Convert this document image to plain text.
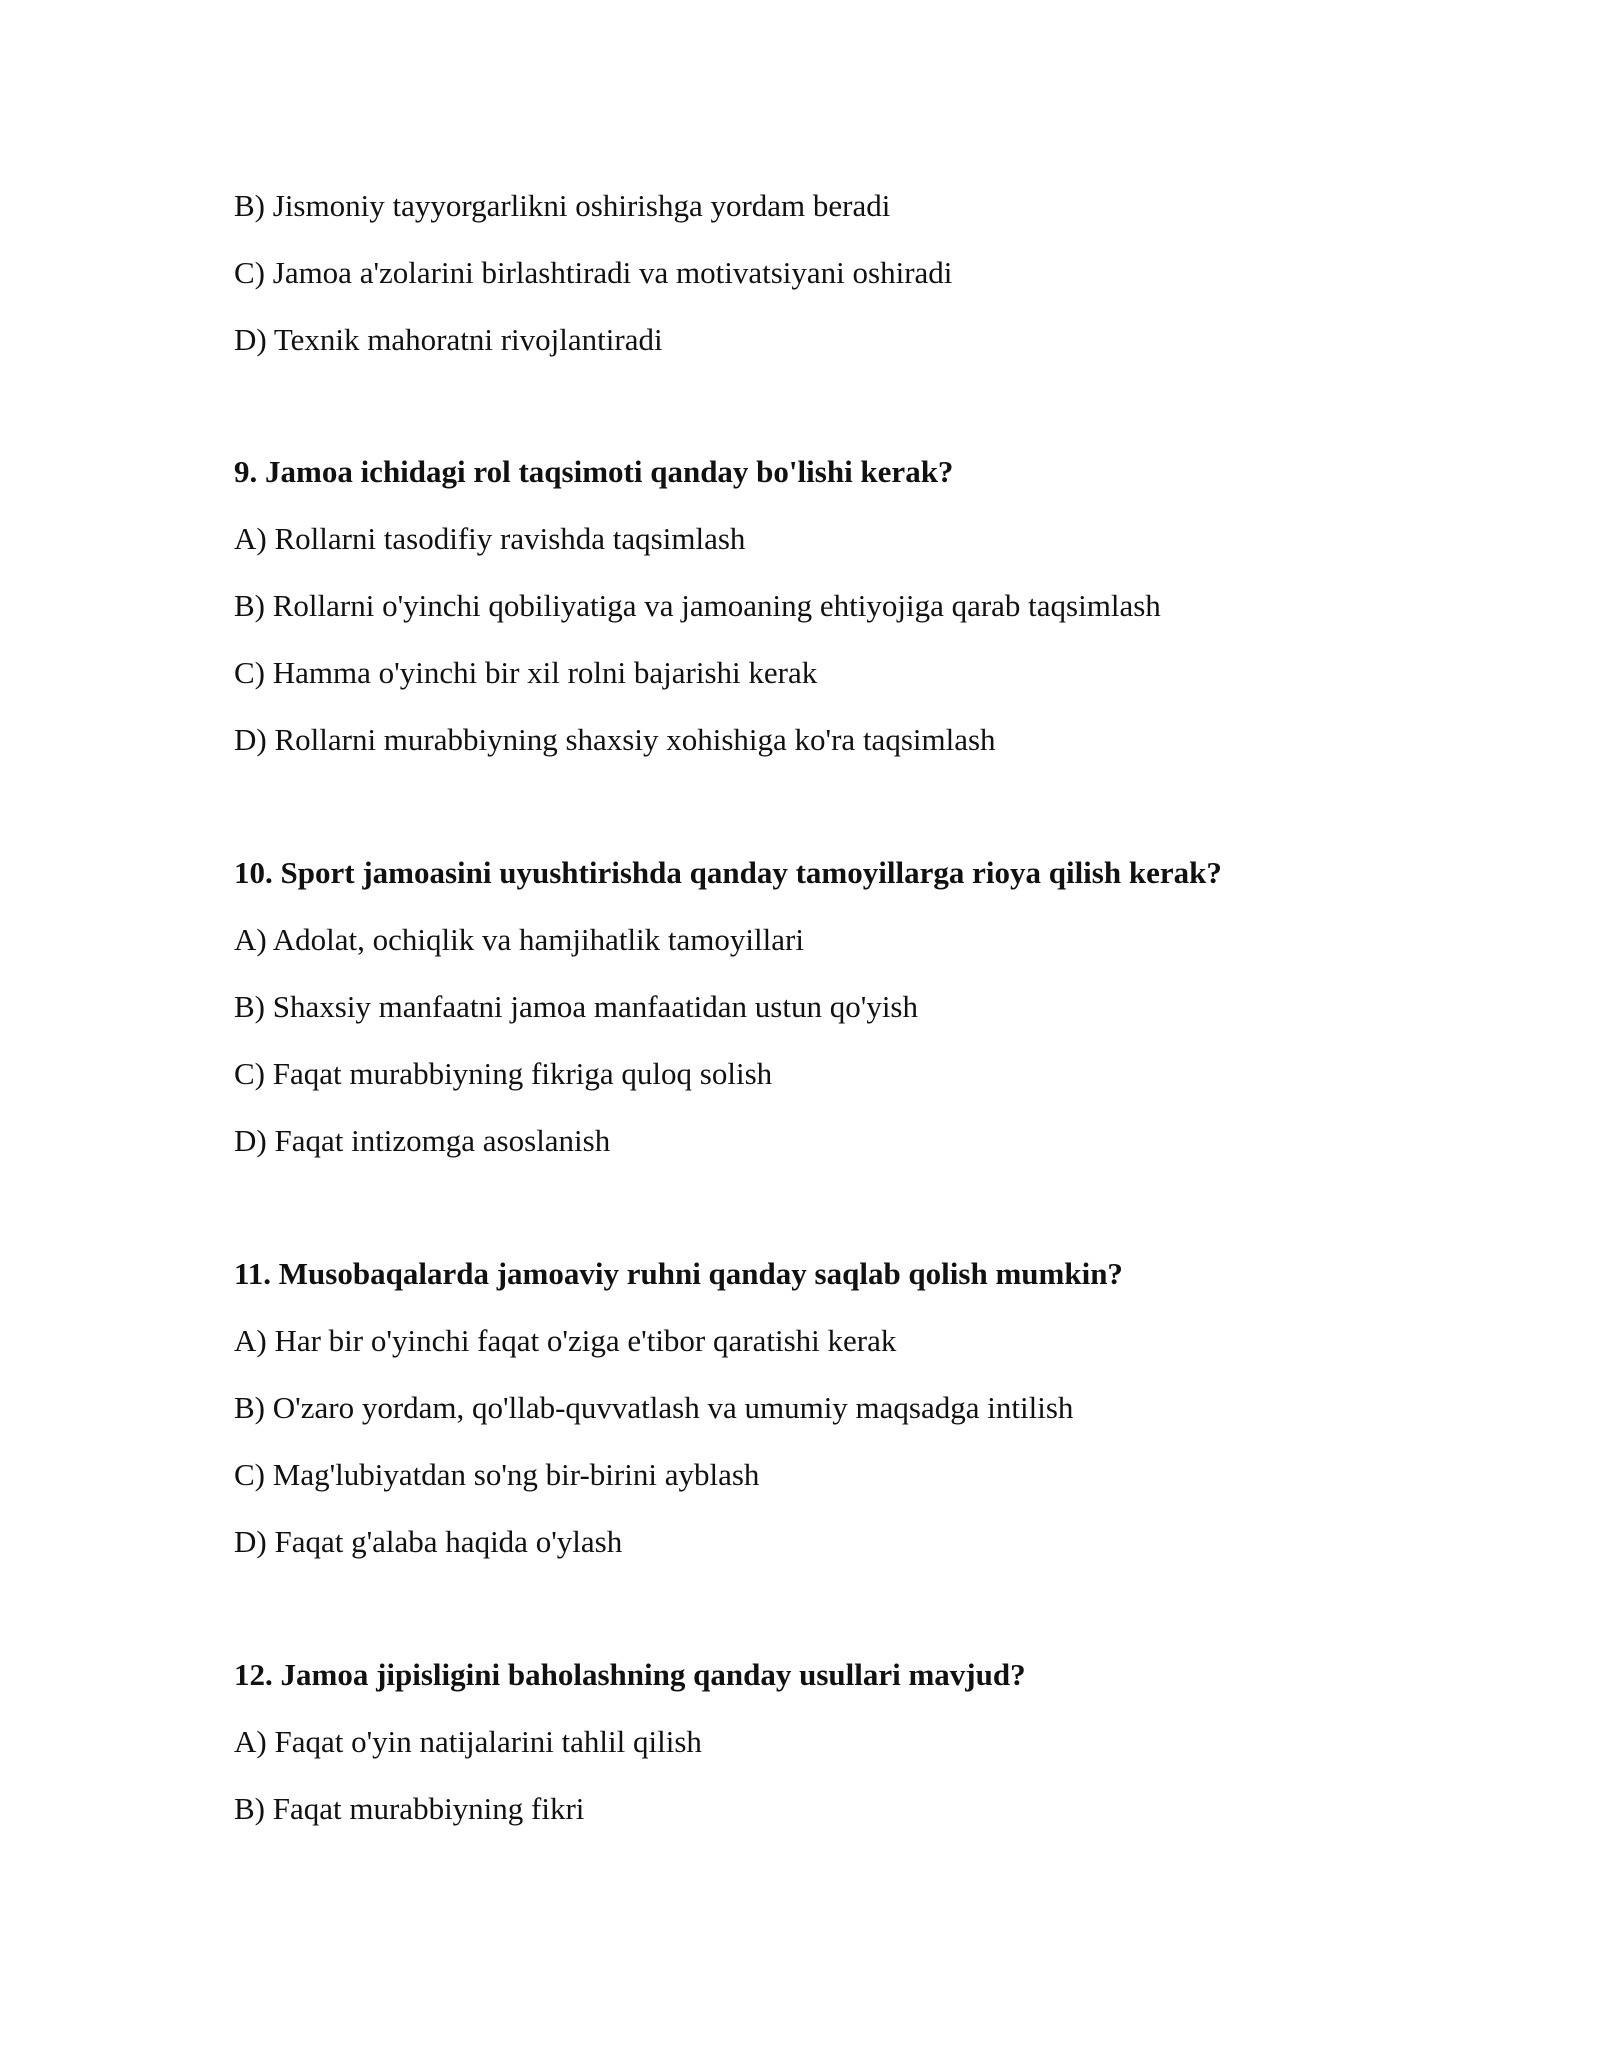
B) Jismoniy tayyorgarlikni oshirishga yordam beradi
C) Jamoa a'zolarini birlashtiradi va motivatsiyani oshiradi
D) Texnik mahoratni rivojlantiradi
9. Jamoa ichidagi rol taqsimoti qanday bo'lishi kerak?
A) Rollarni tasodifiy ravishda taqsimlash
B) Rollarni o'yinchi qobiliyatiga va jamoaning ehtiyojiga qarab taqsimlash
C) Hamma o'yinchi bir xil rolni bajarishi kerak
D) Rollarni murabbiyning shaxsiy xohishiga ko'ra taqsimlash
10. Sport jamoasini uyushtirishda qanday tamoyillarga rioya qilish kerak?
A) Adolat, ochiqlik va hamjihatlik tamoyillari
B) Shaxsiy manfaatni jamoa manfaatidan ustun qo'yish
C) Faqat murabbiyning fikriga quloq solish
D) Faqat intizomga asoslanish
11. Musobaqalarda jamoaviy ruhni qanday saqlab qolish mumkin?
A) Har bir o'yinchi faqat o'ziga e'tibor qaratishi kerak
B) O'zaro yordam, qo'llab-quvvatlash va umumiy maqsadga intilish
C) Mag'lubiyatdan so'ng bir-birini ayblash
D) Faqat g'alaba haqida o'ylash
12. Jamoa jipisligini baholashning qanday usullari mavjud?
A) Faqat o'yin natijalarini tahlil qilish
B) Faqat murabbiyning fikri
